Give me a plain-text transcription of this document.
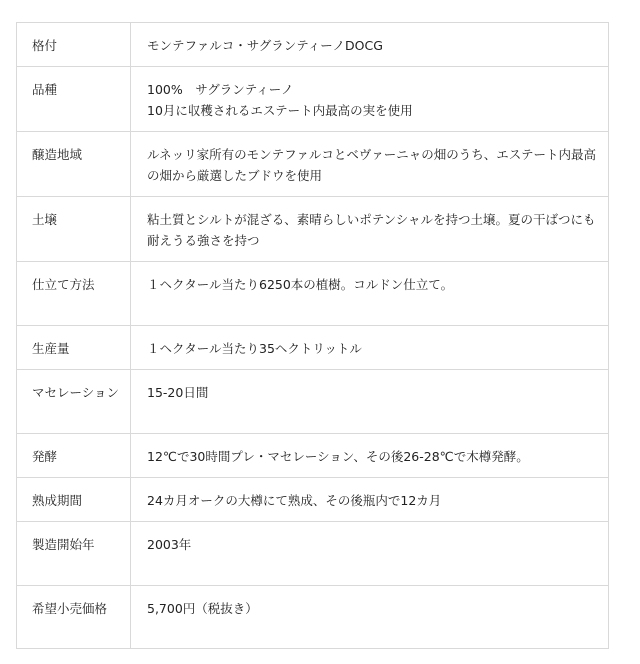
格付	モンテファルコ・サグランティーノDOCG
品種	100%　サグランティーノ
10月に収穫されるエステート内最高の実を使用
醸造地域	ルネッリ家所有のモンテファルコとベヴァーニャの畑のうち、エステート内最高の畑から厳選したブドウを使用
土壌	粘土質とシルトが混ざる、素晴らしいポテンシャルを持つ土壌。夏の干ばつにも耐えうる強さを持つ
仕立て方法	１ヘクタール当たり6250本の植樹。コルドン仕立て。
生産量	１ヘクタール当たり35ヘクトリットル
マセレーション	15-20日間
発酵	12℃で30時間プレ・マセレーション、その後26-28℃で木樽発酵。
熟成期間	24カ月オークの大樽にて熟成、その後瓶内で12カ月
製造開始年	2003年
希望小売価格	5,700円（税抜き）
